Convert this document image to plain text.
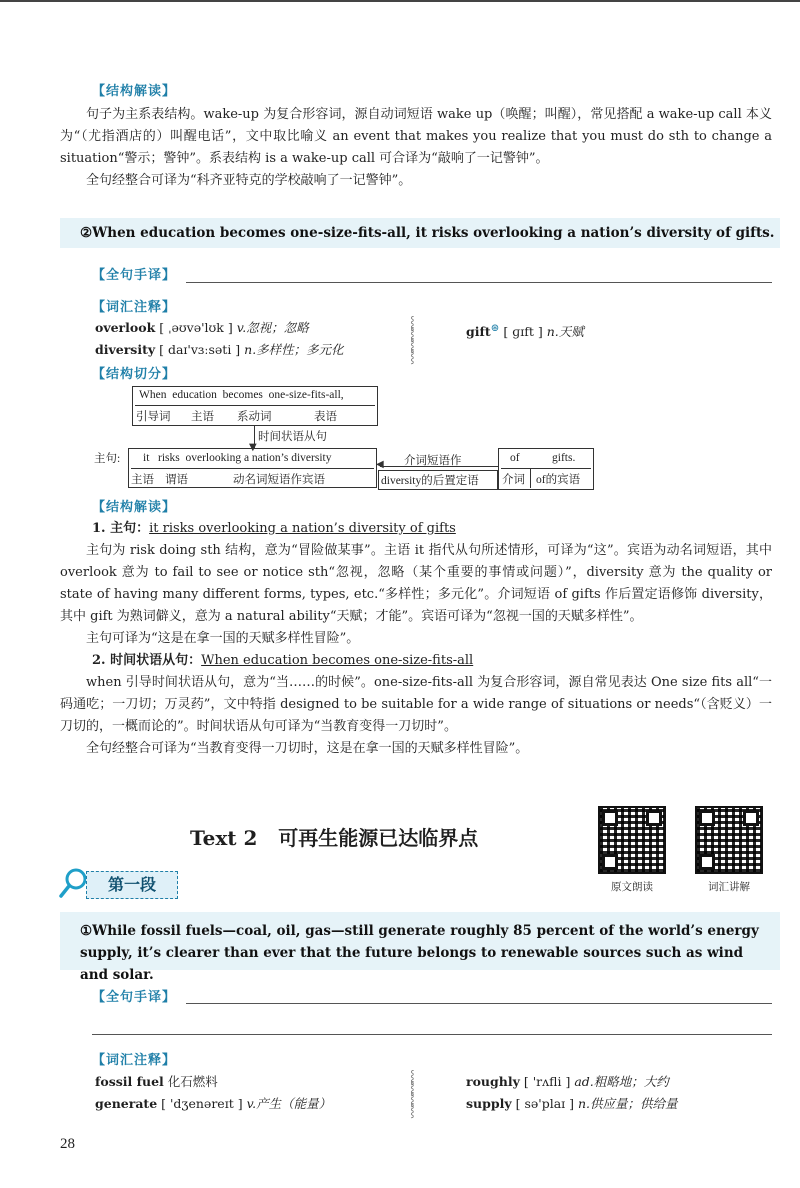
【结构解读】

句子为主系表结构。wake-up 为复合形容词，源自动词短语 wake up（唤醒；叫醒），常见搭配 a wake-up call 本义为“（尤指酒店的）叫醒电话”，文中取比喻义 an event that makes you realize that you must do sth to change a situation“警示；警钟”。系表结构 is a wake-up call 可合译为“敲响了一记警钟”。

全句经整合可译为“科齐亚特克的学校敲响了一记警钟”。

②When education becomes one-size-fits-all, it risks overlooking a nation’s diversity of gifts.
【全句手译】
【词汇注释】
overlook [ ˌəʊvə'lʊk ] v.忽视；忽略
diversity [ daɪ'vɜːsəti ] n.多样性；多元化
⸾
⸾
⸾
⸾
gift⊛ [ ɡɪft ] n.天赋
【结构切分】
When  education  becomes  one-size-fits-all,
引导词 主语 系动词	表语
时间状语从句
▼
主句: it   risks  overlooking a nation’s diversity
主语 谓语	动名词短语作宾语
介词短语作
◀
diversity的后置定语
of	gifts.
介词 of的宾语
【结构解读】

1. 主句：it risks overlooking a nation’s diversity of gifts

主句为 risk doing sth 结构，意为“冒险做某事”。主语 it 指代从句所述情形，可译为“这”。宾语为动名词短语，其中 overlook 意为 to fail to see or notice sth“忽视，忽略（某个重要的事情或问题）”，diversity 意为 the quality or state of having many different forms, types, etc.“多样性；多元化”。介词短语 of gifts 作后置定语修饰 diversity，其中 gift 为熟词僻义，意为 a natural ability“天赋；才能”。宾语可译为“忽视一国的天赋多样性”。

主句可译为“这是在拿一国的天赋多样性冒险”。

2. 时间状语从句：When education becomes one-size-fits-all

when 引导时间状语从句，意为“当……的时候”。one-size-fits-all 为复合形容词，源自常见表达 One size fits all“一码通吃；一刀切；万灵药”，文中特指 designed to be suitable for a wide range of situations or needs“（含贬义）一刀切的，一概而论的”。时间状语从句可译为“当教育变得一刀切时”。

全句经整合可译为“当教育变得一刀切时，这是在拿一国的天赋多样性冒险”。

Text 2   可再生能源已达临界点
原文朗读	词汇讲解
第一段
①While fossil fuels—coal, oil, gas—still generate roughly 85 percent of the world’s energy supply, it’s clearer than ever that the future belongs to renewable sources such as wind and solar.
【全句手译】
【词汇注释】
fossil fuel 化石燃料
generate [ 'dʒenəreɪt ] v.产生（能量）
⸾
⸾
⸾
⸾
roughly [ 'rʌfli ] ad.粗略地；大约
supply [ sə'plaɪ ] n.供应量；供给量
28
